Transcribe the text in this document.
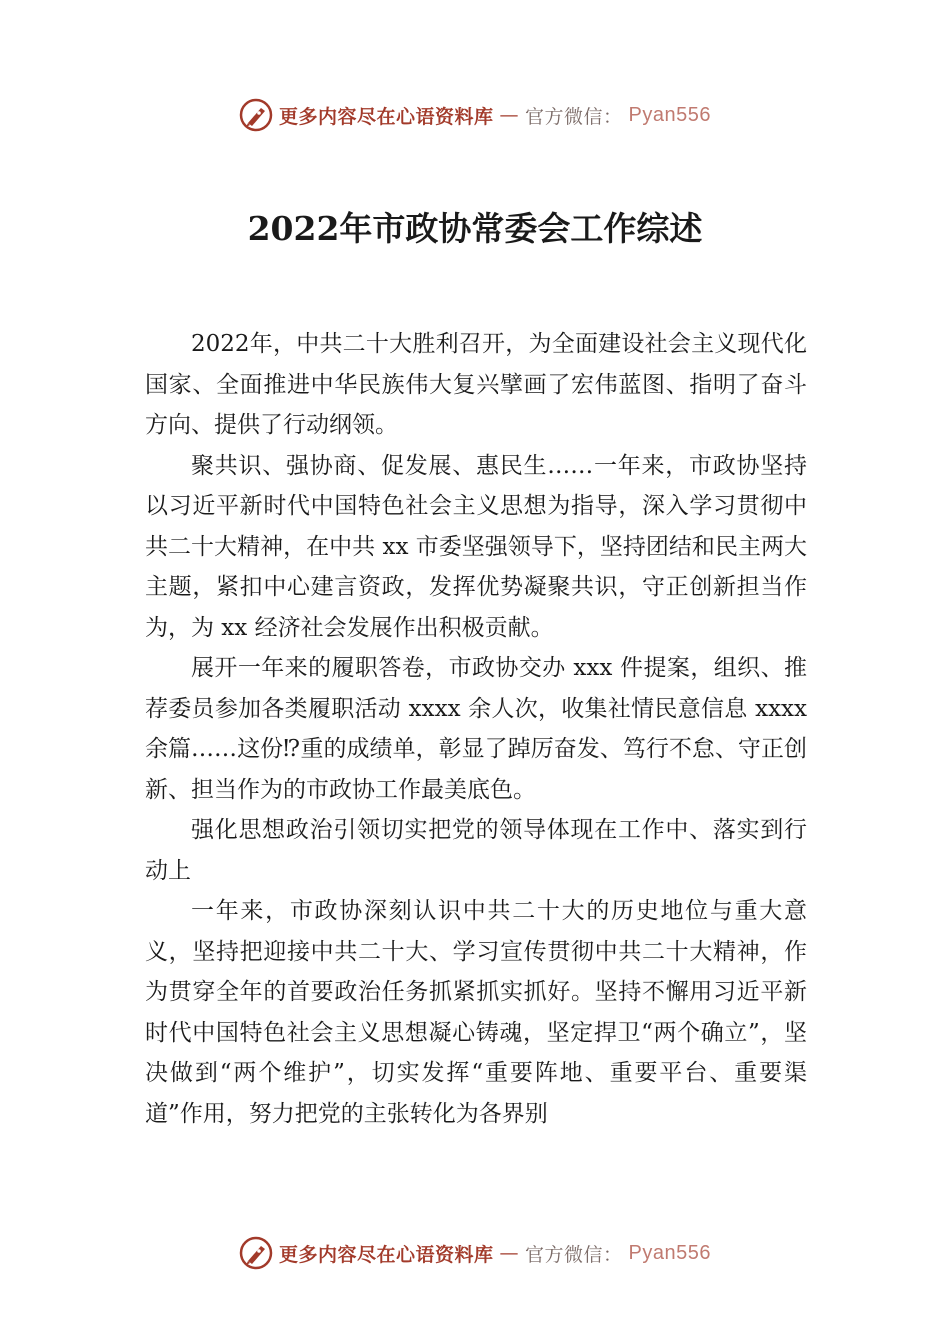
更多内容尽在心语资料库 — 官方微信： Pyan556
2022年市政协常委会工作综述

2022年，中共二十大胜利召开，为全面建设社会主义现代化国家、全面推进中华民族伟大复兴擘画了宏伟蓝图、指明了奋斗方向、提供了行动纲领。

聚共识、强协商、促发展、惠民生……一年来，市政协坚持以习近平新时代中国特色社会主义思想为指导，深入学习贯彻中共二十大精神，在中共 xx 市委坚强领导下，坚持团结和民主两大主题，紧扣中心建言资政，发挥优势凝聚共识，守正创新担当作为，为 xx 经济社会发展作出积极贡献。

展开一年来的履职答卷，市政协交办 xxx 件提案，组织、推荐委员参加各类履职活动 xxxx 余人次，收集社情民意信息 xxxx 余篇……这份⁉重的成绩单，彰显了踔厉奋发、笃行不怠、守正创新、担当作为的市政协工作最美底色。

强化思想政治引领切实把党的领导体现在工作中、落实到行动上

一年来，市政协深刻认识中共二十大的历史地位与重大意义，坚持把迎接中共二十大、学习宣传贯彻中共二十大精神，作为贯穿全年的首要政治任务抓紧抓实抓好。坚持不懈用习近平新时代中国特色社会主义思想凝心铸魂，坚定捍卫“两个确立”，坚决做到“两个维护”，切实发挥“重要阵地、重要平台、重要渠道”作用，努力把党的主张转化为各界别

更多内容尽在心语资料库 — 官方微信： Pyan556
